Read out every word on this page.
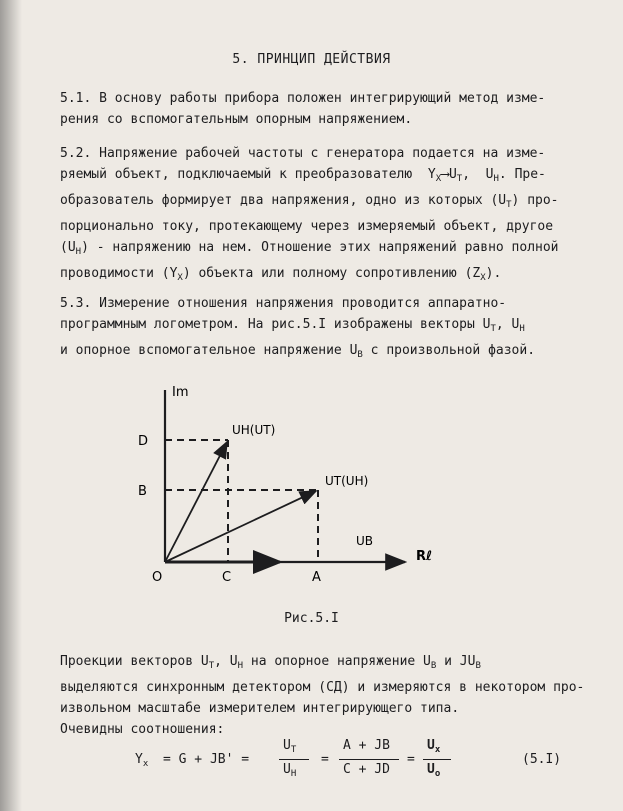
5. ПРИНЦИП ДЕЙСТВИЯ
5.1. В основу работы прибора положен интегрирующий метод изме-
рения со вспомогательным опорным напряжением.
5.2. Напряжение рабочей частоты с генератора подается на изме-
ряемый объект, подключаемый к преобразователю $Y_X⟶U_T$,  $U_H$. Пре-
образователь формирует два напряжения, одно из которых $(U_T)$ про-
порционально току, протекающему через измеряемый объект, другое
$(U_H)$ - напряжению на нем. Отношение этих напряжений равно полной
проводимости $(Y_X)$ объекта или полному сопротивлению $(Z_X)$.
5.3. Измерение отношения напряжения проводится аппаратно-
программным логометром. На рис.5.I изображены векторы $U_T$, $U_H$
и опорное вспомогательное напряжение $U_B$ с произвольной фазой.
Im
Rℓ
UH(UT)
UT(UH)
UB
D
B
O	C	A
Рис.5.I
Проекции векторов $U_T$, $U_H$ на опорное напряжение $U_B$ и $JU_B$
выделяются синхронным детектором (СД) и измеряются в некотором про-
извольном масштабе измерителем интегрирующего типа.
Очевидны соотношения:
$Y_x = G + JB'$ =
$U_T$
$U_H$
=
A + JB
C + JD
=
$U_x$
$U_o$
(5.I)
